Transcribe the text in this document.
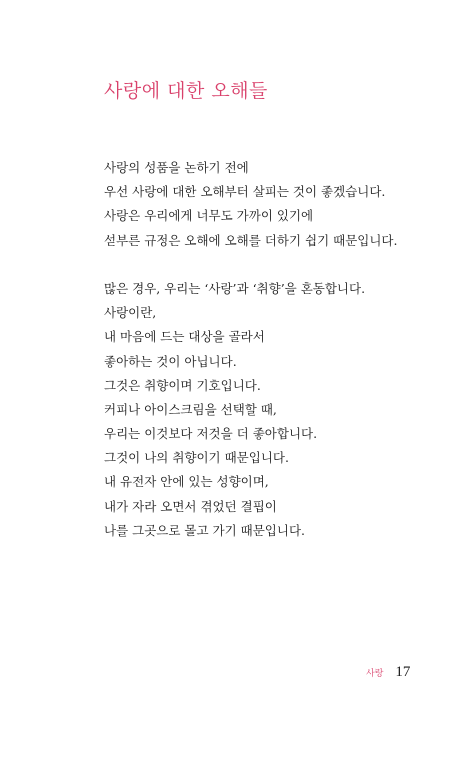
사랑에 대한 오해들
사랑의 성품을 논하기 전에
우선 사랑에 대한 오해부터 살피는 것이 좋겠습니다.
사랑은 우리에게 너무도 가까이 있기에
섣부른 규정은 오해에 오해를 더하기 쉽기 때문입니다.
많은 경우, 우리는 ‘사랑’과 ‘취향’을 혼동합니다.
사랑이란,
내 마음에 드는 대상을 골라서
좋아하는 것이 아닙니다.
그것은 취향이며 기호입니다.
커피나 아이스크림을 선택할 때,
우리는 이것보다 저것을 더 좋아합니다.
그것이 나의 취향이기 때문입니다.
내 유전자 안에 있는 성향이며,
내가 자라 오면서 겪었던 결핍이
나를 그곳으로 몰고 가기 때문입니다.
사랑 17
